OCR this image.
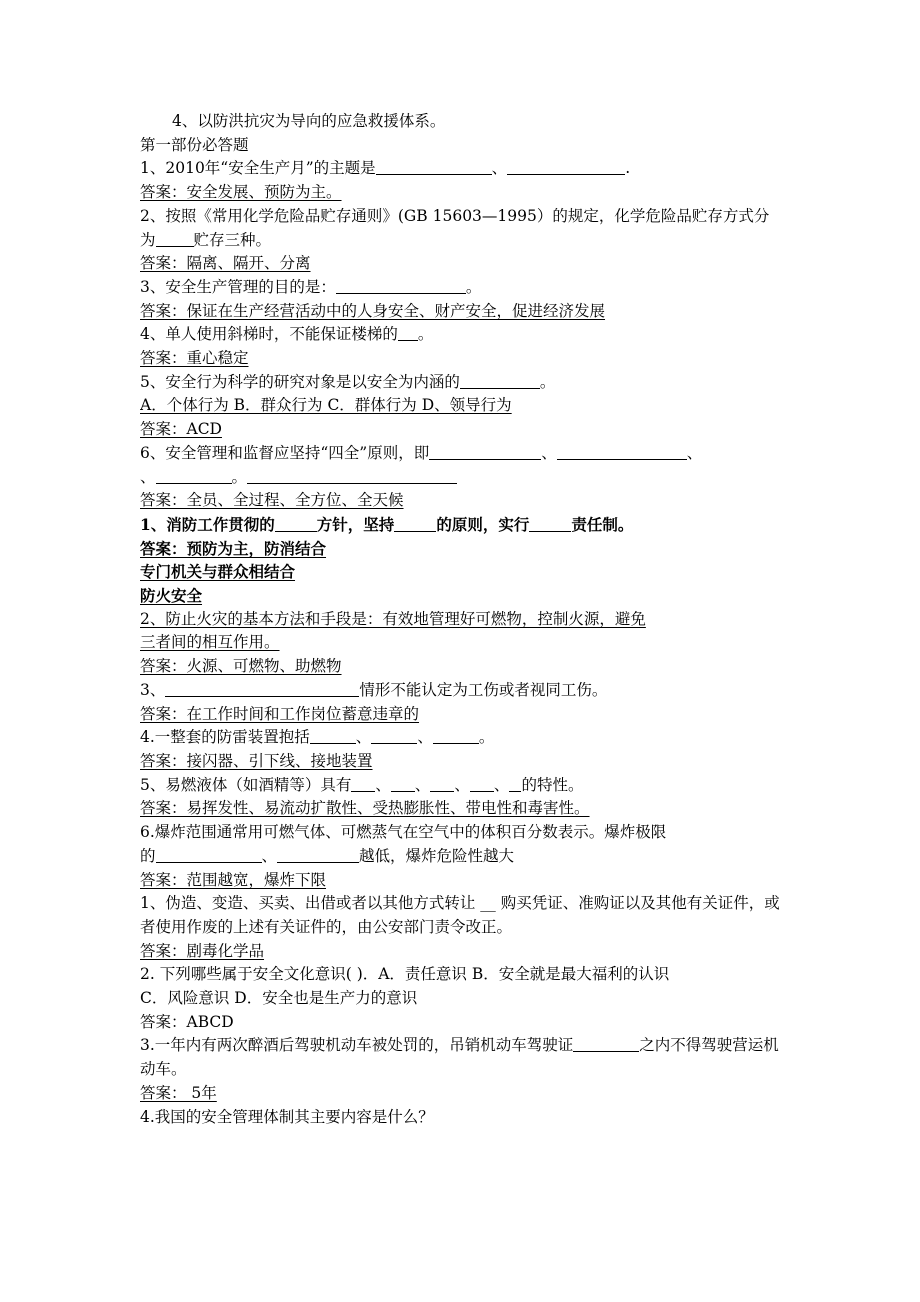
4、以防洪抗灾为导向的应急救援体系。
第一部份必答题
1、2010年“安全生产月”的主题是	、	.
答案：安全发展、预防为主。
2、按照《常用化学危险品贮存通则》(GB 15603—1995）的规定，化学危险品贮存方式分为 贮存三种。
答案：隔离、隔开、分离
3、安全生产管理的目的是：	。
答案：保证在生产经营活动中的人身安全、财产安全，促进经济发展
4、单人使用斜梯时，不能保证楼梯的 。
答案：重心稳定
5、安全行为科学的研究对象是以安全为内涵的	。
A．个体行为 B．群众行为 C．群体行为 D、领导行为
答案：ACD
6、安全管理和监督应坚持“四全”原则，即	、	、
、	。
答案：全员、全过程、全方位、全天候
1、消防工作贯彻的	方针，坚持	的原则，实行	责任制。
答案：预防为主，防消结合
专门机关与群众相结合
防火安全
2、防止火灾的基本方法和手段是：有效地管理好可燃物，控制火源，避免
三者间的相互作用。
答案：火源、可燃物、助燃物
3、	情形不能认定为工伤或者视同工伤。
答案：在工作时间和工作岗位蓄意违章的
4.一整套的防雷装置抱括	、	、	。
答案：接闪器、引下线、接地装置
5、易燃液体（如酒精等）具有 、 、 、 、 的特性。
答案：易挥发性、易流动扩散性、受热膨胀性、带电性和毒害性。
6.爆炸范围通常用可燃气体、可燃蒸气在空气中的体积百分数表示。爆炸极限
的	、	越低，爆炸危险性越大
答案：范围越宽，爆炸下限
1、伪造、变造、买卖、出借或者以其他方式转让 __ 购买凭证、准购证以及其他有关证件，或者使用作废的上述有关证件的，由公安部门责令改正。
答案：剧毒化学品
2. 下列哪些属于安全文化意识( )．A．责任意识 B．安全就是最大福利的认识
C．风险意识 D．安全也是生产力的意识
答案：ABCD
3.一年内有两次醉酒后驾驶机动车被处罚的，吊销机动车驾驶证	之内不得驾驶营运机动车。
答案： 5年
4.我国的安全管理体制其主要内容是什么？
